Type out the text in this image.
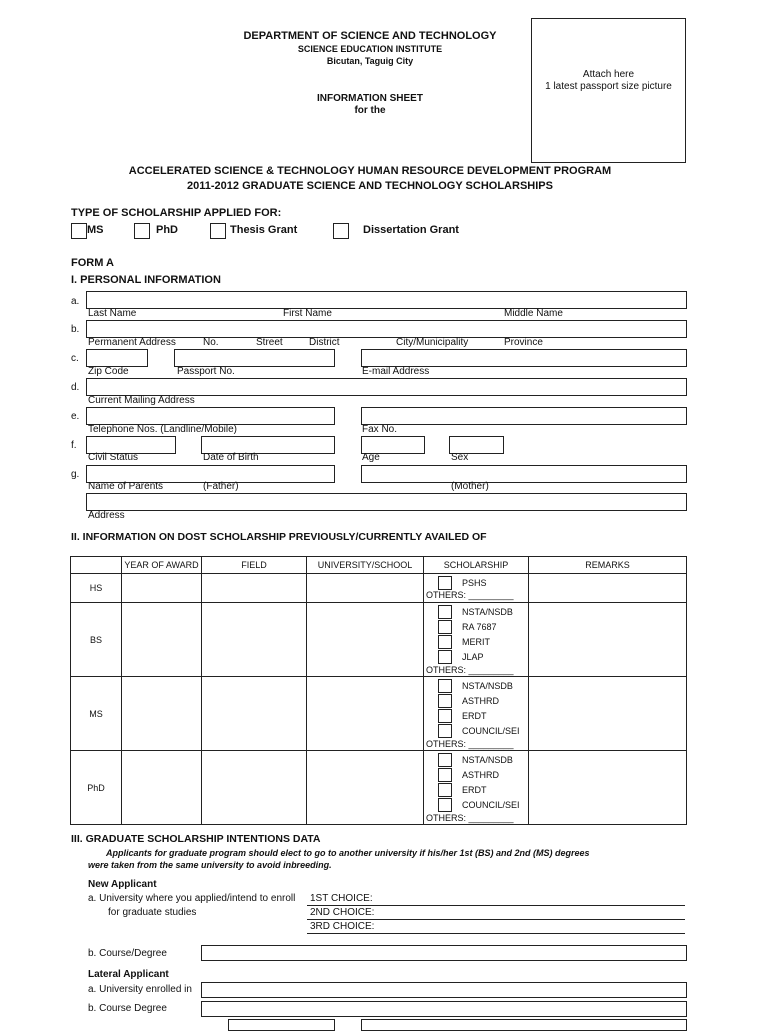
DEPARTMENT OF SCIENCE AND TECHNOLOGY
SCIENCE EDUCATION INSTITUTE
Bicutan, Taguig City
INFORMATION SHEET
for the
Attach here
1 latest passport size picture
ACCELERATED SCIENCE & TECHNOLOGY HUMAN RESOURCE DEVELOPMENT PROGRAM
2011-2012 GRADUATE SCIENCE AND TECHNOLOGY SCHOLARSHIPS
TYPE OF SCHOLARSHIP APPLIED FOR:
MS	PhD	Thesis Grant	Dissertation Grant
FORM A
I. PERSONAL INFORMATION
a.
Last Name	First Name	Middle Name
b.
Permanent Address	No.	Street	District	City/Municipality	Province
c.
Zip Code	Passport No.	E-mail Address
d.
Current Mailing Address
e.
Telephone Nos. (Landline/Mobile)	Fax No.
f.
Civil Status	Date of Birth	Age	Sex
g.
Name of Parents	(Father)	(Mother)
Address
II. INFORMATION ON DOST SCHOLARSHIP PREVIOUSLY/CURRENTLY AVAILED OF
	YEAR OF AWARD	FIELD	UNIVERSITY/SCHOOL	SCHOLARSHIP	REMARKS
HS				PSHS
OTHERS: _________	

BS				NSTA/NSDB
RA 7687
MERIT
JLAP
OTHERS: _________	

MS				NSTA/NSDB
ASTHRD
ERDT
COUNCIL/SEI
OTHERS: _________	

PhD				NSTA/NSDB
ASTHRD
ERDT
COUNCIL/SEI
OTHERS: _________	

III. GRADUATE SCHOLARSHIP INTENTIONS DATA
Applicants for graduate program should elect to go to another university if his/her 1st (BS) and 2nd (MS) degrees
were taken from the same university to avoid inbreeding.
New Applicant
a. University where you applied/intend to enroll
for graduate studies
1ST CHOICE:
2ND CHOICE:
3RD CHOICE:
b. Course/Degree
Lateral Applicant
a. University enrolled in
b. Course Degree
